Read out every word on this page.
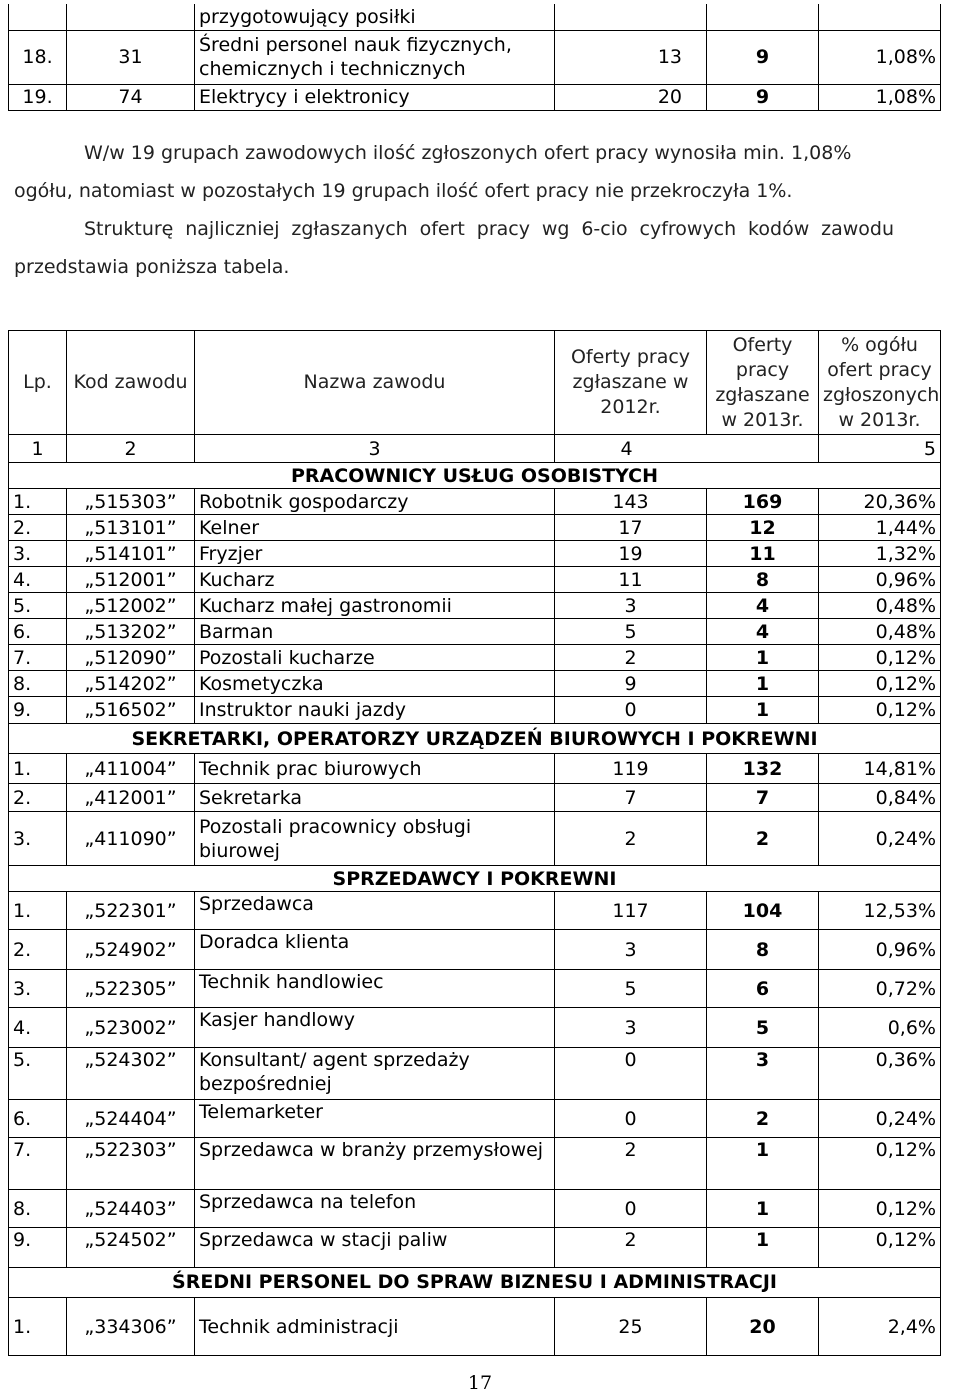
		przygotowujący posiłki			
18.	31	Średni personel nauk fizycznych, chemicznych i technicznych	13	9	1,08%
19.	74	Elektrycy i elektronicy	20	9	1,08%
W/w 19 grupach zawodowych ilość zgłoszonych ofert pracy wynosiła min. 1,08%
ogółu, natomiast w pozostałych 19 grupach ilość ofert pracy nie przekroczyła 1%.
Strukturę najliczniej zgłaszanych ofert pracy wg 6-cio cyfrowych kodów zawodu
przedstawia poniższa tabela.
Lp.	Kod zawodu	Nazwa zawodu	Oferty pracy zgłaszane w 2012r.	Oferty pracy zgłaszane w 2013r.	% ogółu ofert pracy zgłoszonych w 2013r.
1	2	3	4		5
PRACOWNICY USŁUG OSOBISTYCH					
1.	„515303”	Robotnik gospodarczy	143	169	20,36%
2.	„513101”	Kelner	17	12	1,44%
3.	„514101”	Fryzjer	19	11	1,32%
4.	„512001”	Kucharz	11	8	0,96%
5.	„512002”	Kucharz małej gastronomii	3	4	0,48%
6.	„513202”	Barman	5	4	0,48%
7.	„512090”	Pozostali kucharze	2	1	0,12%
8.	„514202”	Kosmetyczka	9	1	0,12%
9.	„516502”	Instruktor nauki jazdy	0	1	0,12%
SEKRETARKI, OPERATORZY URZĄDZEŃ BIUROWYCH I POKREWNI					
1.	„411004”	Technik prac biurowych	119	132	14,81%
2.	„412001”	Sekretarka	7	7	0,84%
3.	„411090”	Pozostali pracownicy obsługi biurowej	2	2	0,24%
SPRZEDAWCY I POKREWNI					
1.	„522301”	Sprzedawca	117	104	12,53%
2.	„524902”	Doradca klienta	3	8	0,96%
3.	„522305”	Technik handlowiec	5	6	0,72%
4.	„523002”	Kasjer handlowy	3	5	0,6%
5.	„524302”	Konsultant/ agent sprzedaży bezpośredniej	0	3	0,36%
6.	„524404”	Telemarketer	0	2	0,24%
7.	„522303”	Sprzedawca w branży przemysłowej	2	1	0,12%
8.	„524403”	Sprzedawca na telefon	0	1	0,12%
9.	„524502”	Sprzedawca w stacji paliw	2	1	0,12%
ŚREDNI PERSONEL DO SPRAW BIZNESU I ADMINISTRACJI					
1.	„334306”	Technik administracji	25	20	2,4%
17
